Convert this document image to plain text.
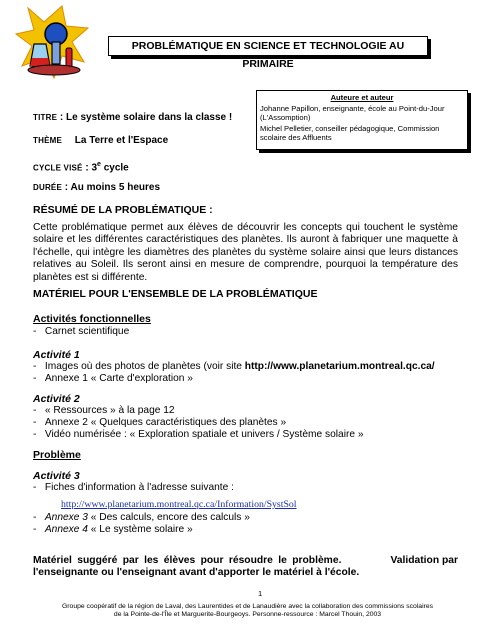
PROBLÉMATIQUE EN SCIENCE ET TECHNOLOGIE AU PRIMAIRE
Auteure et auteur

Johanne Papillon, enseignante, école au Point-du-Jour (L'Assomption)

Michel Pelletier, conseiller pédagogique, Commission scolaire des Affluents

TITRE : Le système solaire dans la classe !
THÈME La Terre et l'Espace
CYCLE VISÉ : 3e cycle
DURÉE : Au moins 5 heures
RÉSUMÉ DE LA PROBLÉMATIQUE :
Cette problématique permet aux élèves de découvrir les concepts qui touchent le système solaire et les différentes caractéristiques des planètes. Ils auront à fabriquer une maquette à l'échelle, qui intègre les diamètres des planètes du système solaire ainsi que leurs distances relatives au Soleil. Ils seront ainsi en mesure de comprendre, pourquoi la température des planètes est si différente.
MATÉRIEL POUR L'ENSEMBLE DE LA PROBLÉMATIQUE
Activités fonctionnelles
-   Carnet scientifique
Activité 1
-   Images où des photos de planètes (voir site http://www.planetarium.montreal.qc.ca/
-   Annexe 1 « Carte d'exploration »
Activité 2
-   « Ressources » à la page 12
-   Annexe 2 « Quelques caractéristiques des planètes »
-   Vidéo numérisée : « Exploration spatiale et univers / Système solaire »
Problème
Activité 3
-   Fiches d'information à l'adresse suivante :
http://www.planetarium.montreal.qc.ca/Information/SystSol
-   Annexe 3 « Des calculs, encore des calculs »
-   Annexe 4 « Le système solaire »
Matériel suggéré par les élèves pour résoudre le problème.	Validation par

l'enseignante ou l'enseignant avant d'apporter le matériel à l'école.
1
Groupe coopératif de la région de Laval, des Laurentides et de Lanaudière avec la collaboration des commissions scolaires
de la Pointe-de-l'Île et Marguerite-Bourgeoys. Personne-ressource : Marcel Thouin, 2003
